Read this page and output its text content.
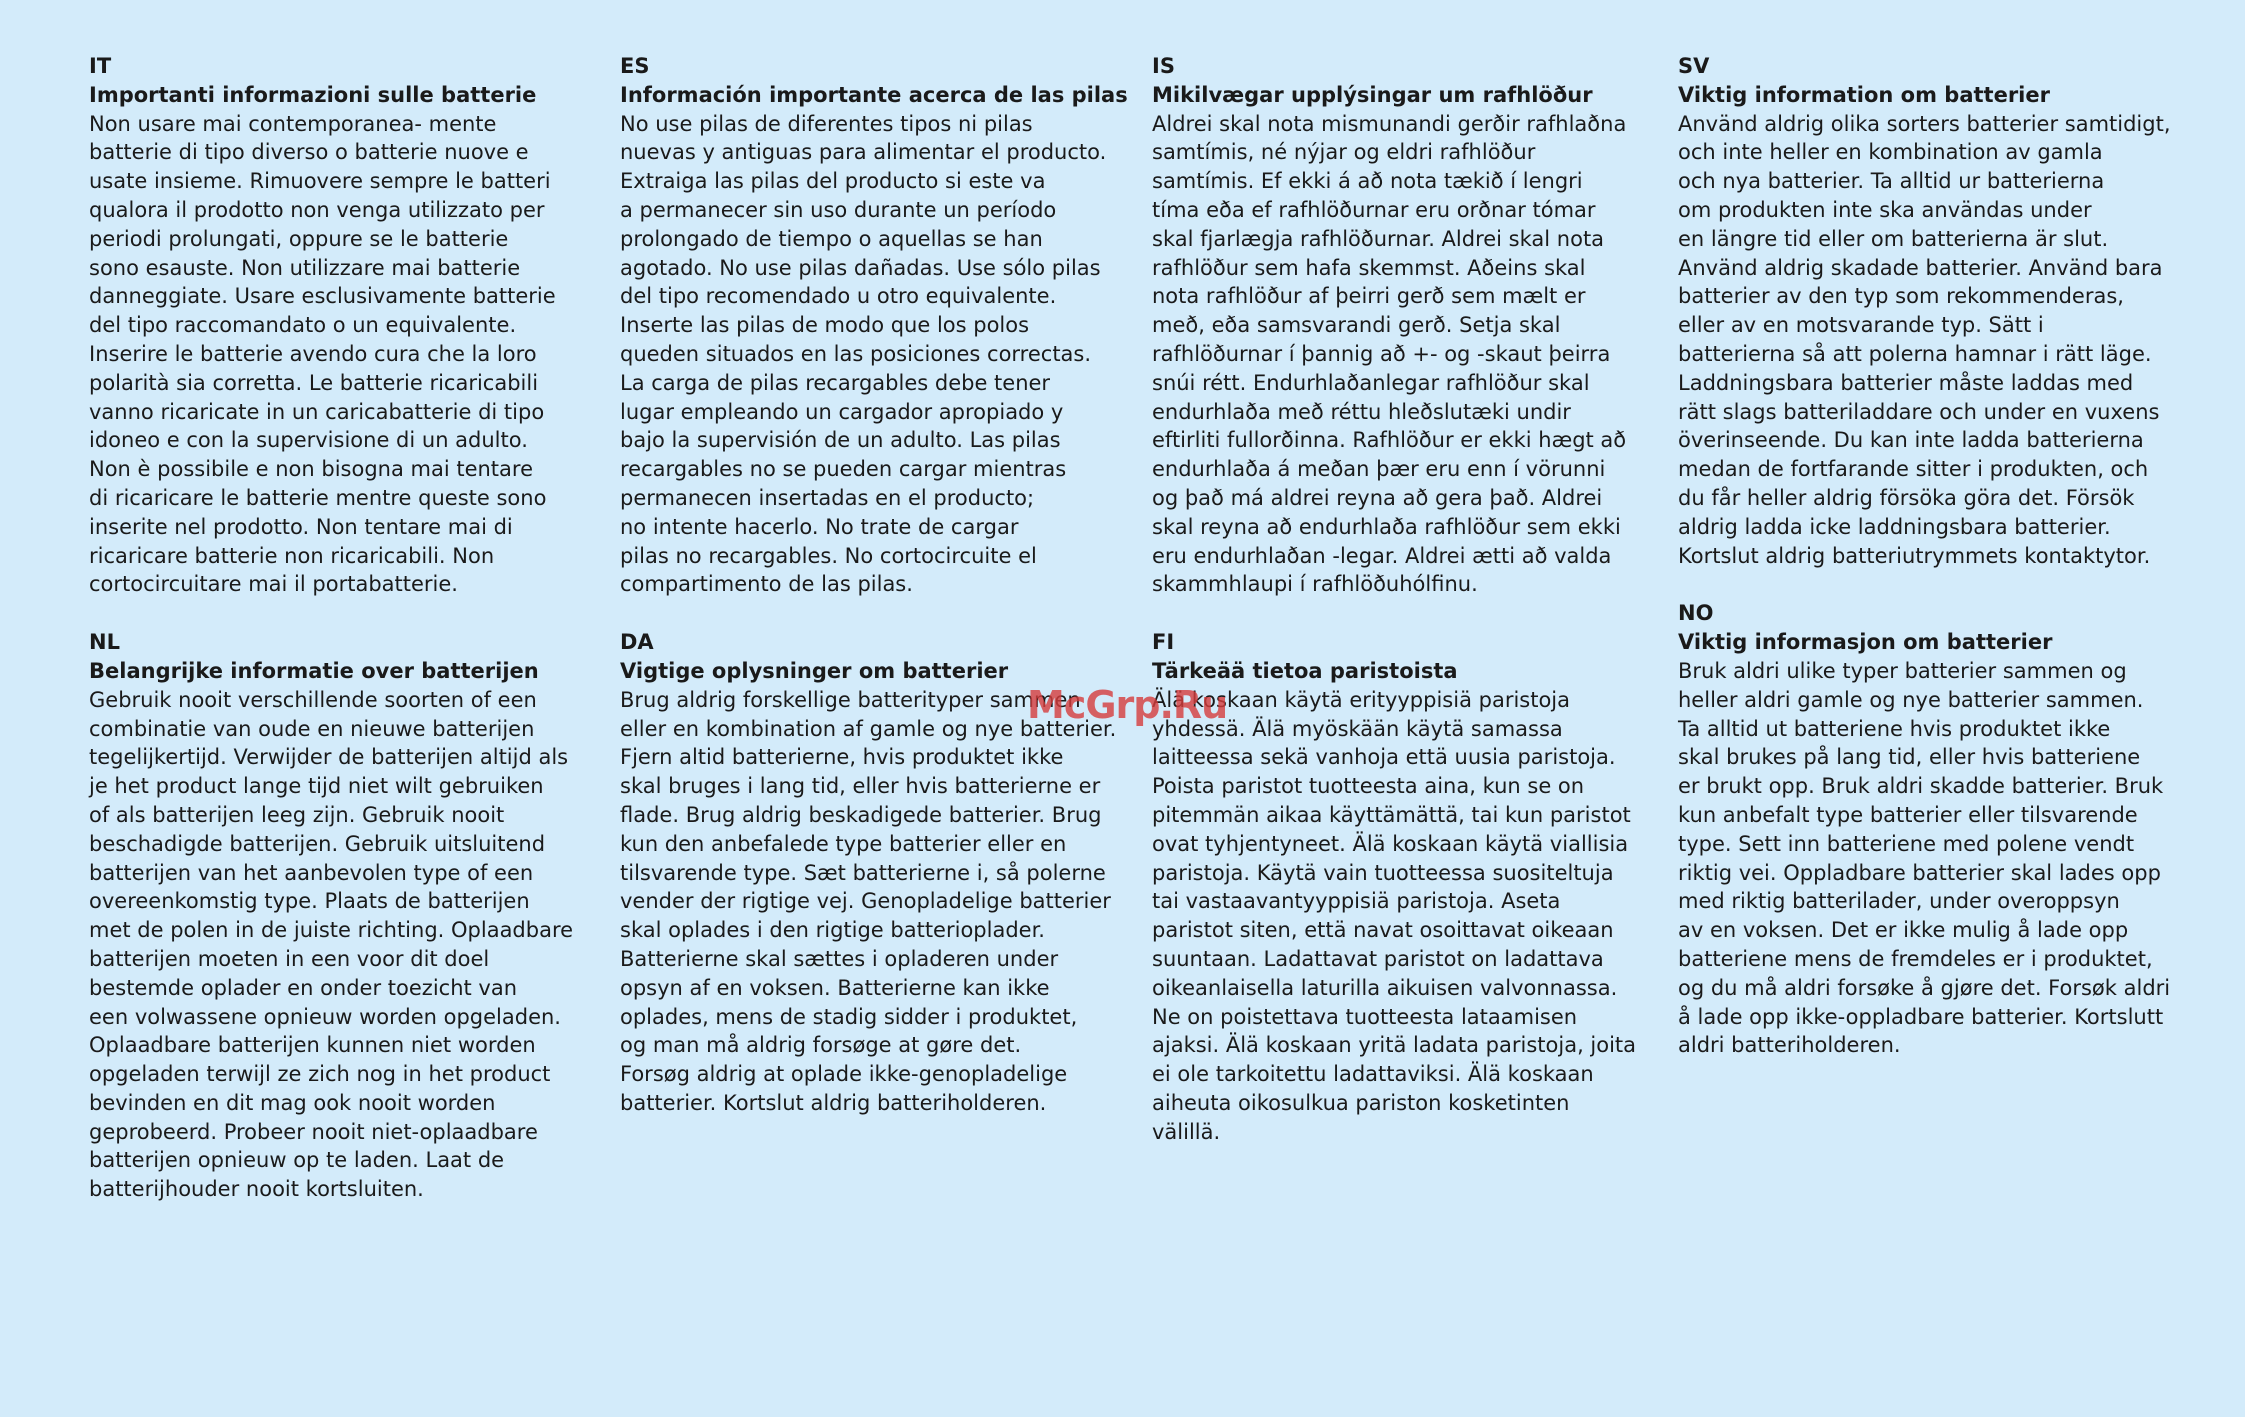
IT
Importanti informazioni sulle batterie
Non usare mai contemporanea- mente
batterie di tipo diverso o batterie nuove e
usate insieme. Rimuovere sempre le batteri
qualora il prodotto non venga utilizzato per
periodi prolungati, oppure se le batterie
sono esauste. Non utilizzare mai batterie
danneggiate. Usare esclusivamente batterie
del tipo raccomandato o un equivalente.
Inserire le batterie avendo cura che la loro
polarità sia corretta. Le batterie ricaricabili
vanno ricaricate in un caricabatterie di tipo
idoneo e con la supervisione di un adulto.
Non è possibile e non bisogna mai tentare
di ricaricare le batterie mentre queste sono
inserite nel prodotto. Non tentare mai di
ricaricare batterie non ricaricabili. Non
cortocircuitare mai il portabatterie.
NL
Belangrijke informatie over batterijen
Gebruik nooit verschillende soorten of een
combinatie van oude en nieuwe batterijen
tegelijkertijd. Verwijder de batterijen altijd als
je het product lange tijd niet wilt gebruiken
of als batterijen leeg zijn. Gebruik nooit
beschadigde batterijen. Gebruik uitsluitend
batterijen van het aanbevolen type of een
overeenkomstig type. Plaats de batterijen
met de polen in de juiste richting. Oplaadbare
batterijen moeten in een voor dit doel
bestemde oplader en onder toezicht van
een volwassene opnieuw worden opgeladen.
Oplaadbare batterijen kunnen niet worden
opgeladen terwijl ze zich nog in het product
bevinden en dit mag ook nooit worden
geprobeerd. Probeer nooit niet-oplaadbare
batterijen opnieuw op te laden. Laat de
batterijhouder nooit kortsluiten.
ES
Información importante acerca de las pilas
No use pilas de diferentes tipos ni pilas
nuevas y antiguas para alimentar el producto.
Extraiga las pilas del producto si este va
a permanecer sin uso durante un período
prolongado de tiempo o aquellas se han
agotado. No use pilas dañadas. Use sólo pilas
del tipo recomendado u otro equivalente.
Inserte las pilas de modo que los polos
queden situados en las posiciones correctas.
La carga de pilas recargables debe tener
lugar empleando un cargador apropiado y
bajo la supervisión de un adulto. Las pilas
recargables no se pueden cargar mientras
permanecen insertadas en el producto;
no intente hacerlo. No trate de cargar
pilas no recargables. No cortocircuite el
compartimento de las pilas.
DA
Vigtige oplysninger om batterier
Brug aldrig forskellige batterityper sammen
eller en kombination af gamle og nye batterier.
Fjern altid batterierne, hvis produktet ikke
skal bruges i lang tid, eller hvis batterierne er
flade. Brug aldrig beskadigede batterier. Brug
kun den anbefalede type batterier eller en
tilsvarende type. Sæt batterierne i, så polerne
vender der rigtige vej. Genopladelige batterier
skal oplades i den rigtige batterioplader.
Batterierne skal sættes i opladeren under
opsyn af en voksen. Batterierne kan ikke
oplades, mens de stadig sidder i produktet,
og man må aldrig forsøge at gøre det.
Forsøg aldrig at oplade ikke-genopladelige
batterier. Kortslut aldrig batteriholderen.
IS
Mikilvægar upplýsingar um rafhlöður
Aldrei skal nota mismunandi gerðir rafhlaðna
samtímis, né nýjar og eldri rafhlöður
samtímis. Ef ekki á að nota tækið í lengri
tíma eða ef rafhlöðurnar eru orðnar tómar
skal fjarlægja rafhlöðurnar. Aldrei skal nota
rafhlöður sem hafa skemmst. Aðeins skal
nota rafhlöður af þeirri gerð sem mælt er
með, eða samsvarandi gerð. Setja skal
rafhlöðurnar í þannig að +- og -skaut þeirra
snúi rétt. Endurhlaðanlegar rafhlöður skal
endurhlaða með réttu hleðslutæki undir
eftirliti fullorðinna. Rafhlöður er ekki hægt að
endurhlaða á meðan þær eru enn í vörunni
og það má aldrei reyna að gera það. Aldrei
skal reyna að endurhlaða rafhlöður sem ekki
eru endurhlaðan -legar. Aldrei ætti að valda
skammhlaupi í rafhlöðuhólfinu.
FI
Tärkeää tietoa paristoista
Älä koskaan käytä erityyppisiä paristoja
yhdessä. Älä myöskään käytä samassa
laitteessa sekä vanhoja että uusia paristoja.
Poista paristot tuotteesta aina, kun se on
pitemmän aikaa käyttämättä, tai kun paristot
ovat tyhjentyneet. Älä koskaan käytä viallisia
paristoja. Käytä vain tuotteessa suositeltuja
tai vastaavantyyppisiä paristoja. Aseta
paristot siten, että navat osoittavat oikeaan
suuntaan. Ladattavat paristot on ladattava
oikeanlaisella laturilla aikuisen valvonnassa.
Ne on poistettava tuotteesta lataamisen
ajaksi. Älä koskaan yritä ladata paristoja, joita
ei ole tarkoitettu ladattaviksi. Älä koskaan
aiheuta oikosulkua pariston kosketinten
välillä.
SV
Viktig information om batterier
Använd aldrig olika sorters batterier samtidigt,
och inte heller en kombination av gamla
och nya batterier. Ta alltid ur batterierna
om produkten inte ska användas under
en längre tid eller om batterierna är slut.
Använd aldrig skadade batterier. Använd bara
batterier av den typ som rekommenderas,
eller av en motsvarande typ. Sätt i
batterierna så att polerna hamnar i rätt läge.
Laddningsbara batterier måste laddas med
rätt slags batteriladdare och under en vuxens
överinseende. Du kan inte ladda batterierna
medan de fortfarande sitter i produkten, och
du får heller aldrig försöka göra det. Försök
aldrig ladda icke laddningsbara batterier.
Kortslut aldrig batteriutrymmets kontaktytor.
NO
Viktig informasjon om batterier
Bruk aldri ulike typer batterier sammen og
heller aldri gamle og nye batterier sammen.
Ta alltid ut batteriene hvis produktet ikke
skal brukes på lang tid, eller hvis batteriene
er brukt opp. Bruk aldri skadde batterier. Bruk
kun anbefalt type batterier eller tilsvarende
type. Sett inn batteriene med polene vendt
riktig vei. Oppladbare batterier skal lades opp
med riktig batterilader, under overoppsyn
av en voksen. Det er ikke mulig å lade opp
batteriene mens de fremdeles er i produktet,
og du må aldri forsøke å gjøre det. Forsøk aldri
å lade opp ikke-oppladbare batterier. Kortslutt
aldri batteriholderen.
McGrp.Ru
